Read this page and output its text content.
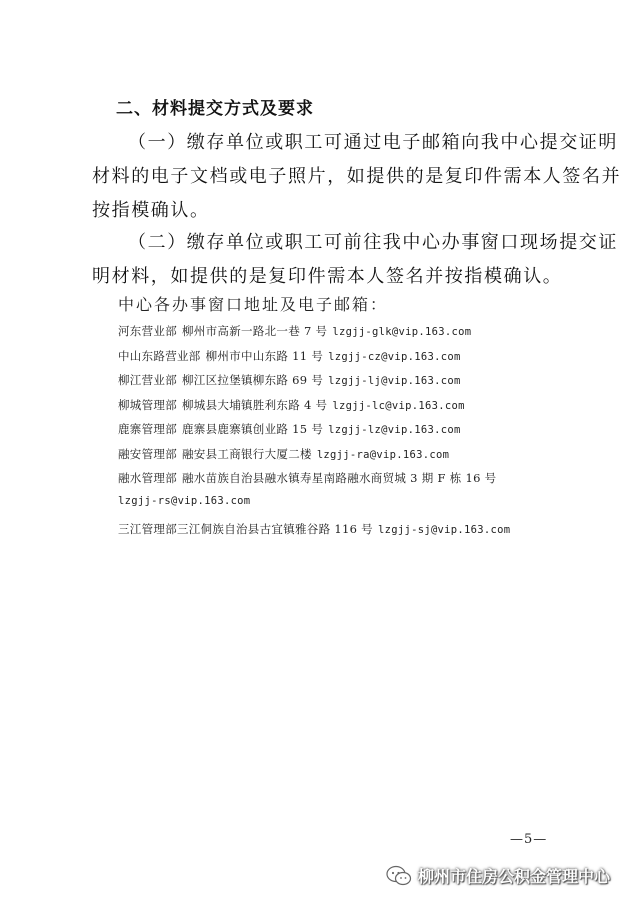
二、材料提交方式及要求
（一）缴存单位或职工可通过电子邮箱向我中心提交证明
材料的电子文档或电子照片，如提供的是复印件需本人签名并
按指模确认。
（二）缴存单位或职工可前往我中心办事窗口现场提交证
明材料，如提供的是复印件需本人签名并按指模确认。
中心各办事窗口地址及电子邮箱：
河东营业部 柳州市高新一路北一巷 7 号 lzgjj-glk@vip.163.com
中山东路营业部 柳州市中山东路 11 号 lzgjj-cz@vip.163.com
柳江营业部 柳江区拉堡镇柳东路 69 号 lzgjj-lj@vip.163.com
柳城管理部 柳城县大埔镇胜利东路 4 号 lzgjj-lc@vip.163.com
鹿寨管理部 鹿寨县鹿寨镇创业路 15 号 lzgjj-lz@vip.163.com
融安管理部 融安县工商银行大厦二楼 lzgjj-ra@vip.163.com
融水管理部 融水苗族自治县融水镇寿星南路融水商贸城 3 期 F 栋 16 号
lzgjj-rs@vip.163.com
三江管理部三江侗族自治县古宜镇雅谷路 116 号 lzgjj-sj@vip.163.com
—5—
柳州市住房公积金管理中心
